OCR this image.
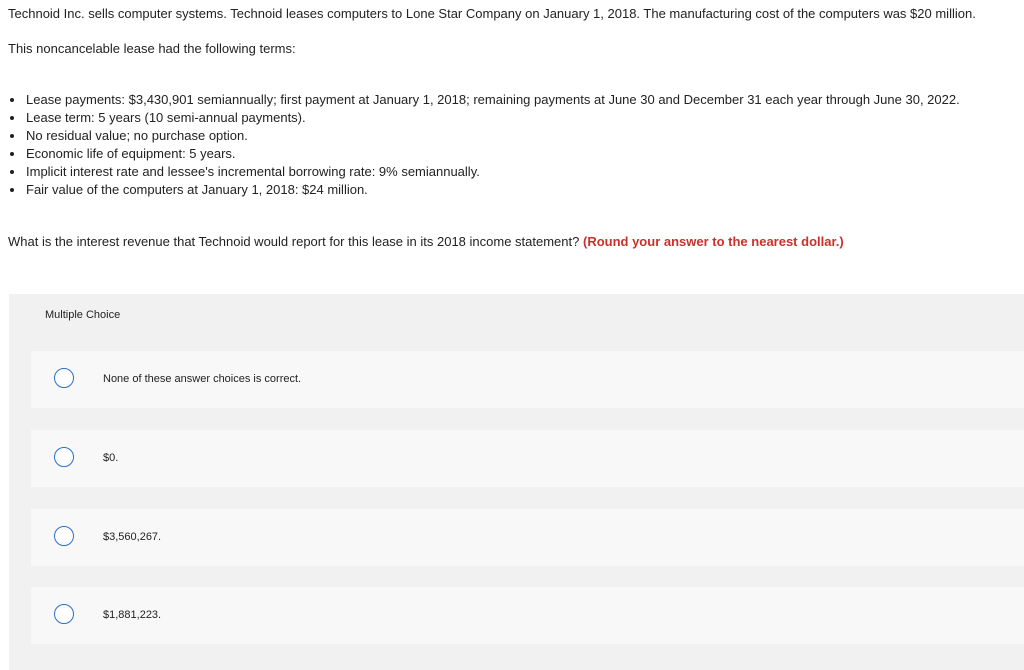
Technoid Inc. sells computer systems. Technoid leases computers to Lone Star Company on January 1, 2018. The manufacturing cost of the computers was $20 million.
This noncancelable lease had the following terms:
Lease payments: $3,430,901 semiannually; first payment at January 1, 2018; remaining payments at June 30 and December 31 each year through June 30, 2022.
Lease term: 5 years (10 semi-annual payments).
No residual value; no purchase option.
Economic life of equipment: 5 years.
Implicit interest rate and lessee's incremental borrowing rate: 9% semiannually.
Fair value of the computers at January 1, 2018: $24 million.
What is the interest revenue that Technoid would report for this lease in its 2018 income statement? (Round your answer to the nearest dollar.)
Multiple Choice
None of these answer choices is correct.
$0.
$3,560,267.
$1,881,223.
